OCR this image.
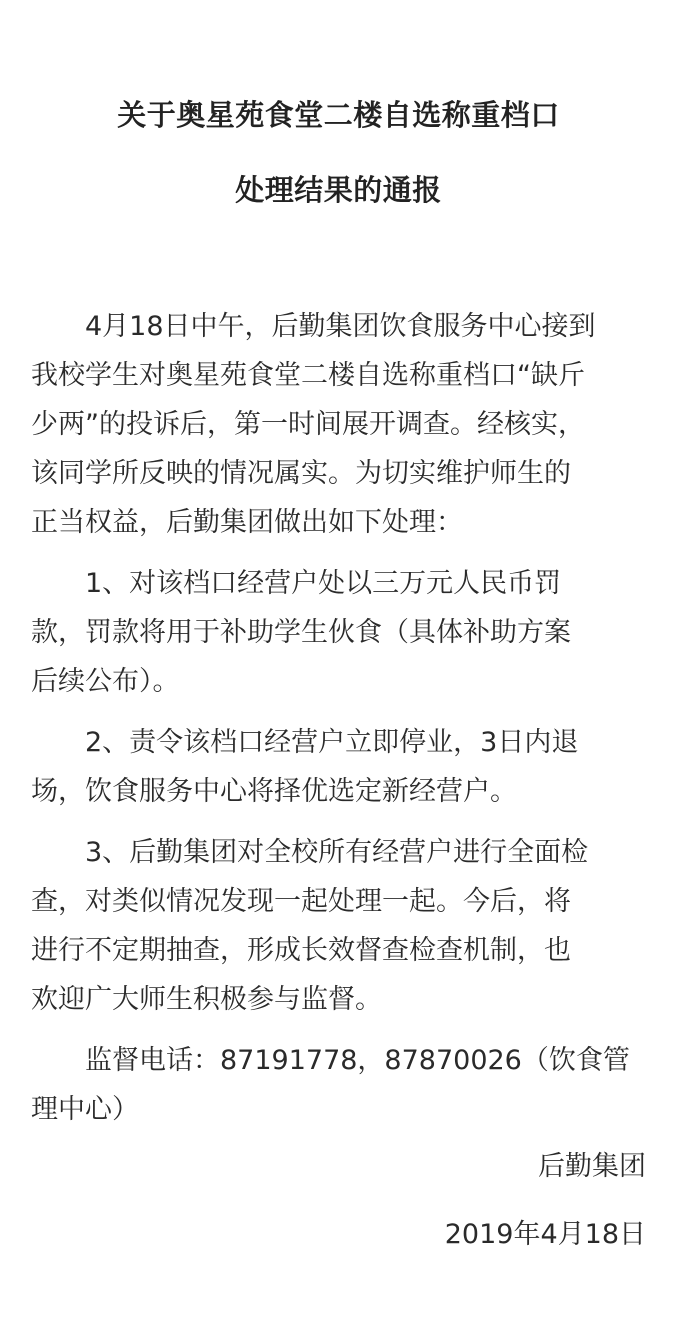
关于奥星苑食堂二楼自选称重档口
处理结果的通报
4月18日中午，后勤集团饮食服务中心接到
我校学生对奥星苑食堂二楼自选称重档口“缺斤
少两”的投诉后，第一时间展开调查。经核实，
该同学所反映的情况属实。为切实维护师生的
正当权益，后勤集团做出如下处理：
1、对该档口经营户处以三万元人民币罚
款，罚款将用于补助学生伙食（具体补助方案
后续公布）。
2、责令该档口经营户立即停业，3日内退
场，饮食服务中心将择优选定新经营户。
3、后勤集团对全校所有经营户进行全面检
查，对类似情况发现一起处理一起。今后，将
进行不定期抽查，形成长效督查检查机制，也
欢迎广大师生积极参与监督。
监督电话：87191778，87870026（饮食管
理中心）
后勤集团
2019年4月18日
